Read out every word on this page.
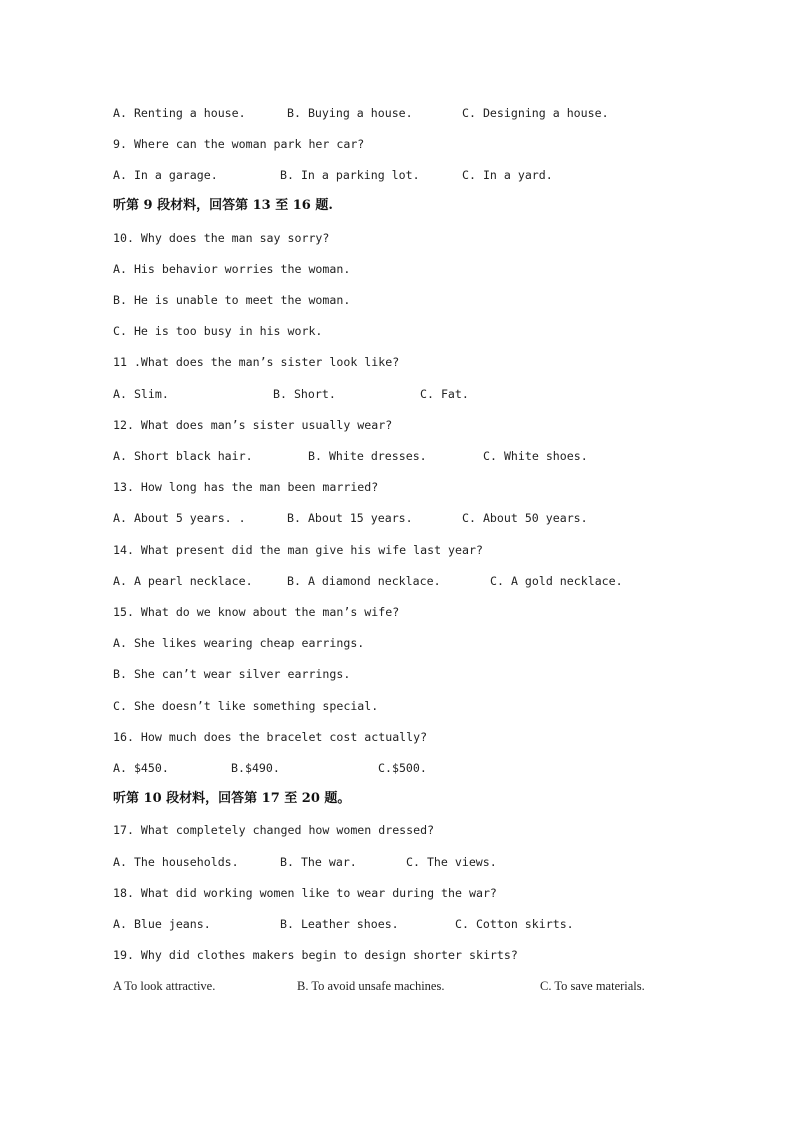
A. Renting a house.	B. Buying a house.	C. Designing a house.
9. Where can the woman park her car?
A. In a garage.	B. In a parking lot.	C. In a yard.
听第 9 段材料，回答第 13 至 16 题.
10. Why does the man say sorry?
A. His behavior worries the woman.
B. He is unable to meet the woman.
C. He is too busy in his work.
11 .What does the man’s sister look like?
A. Slim.	B. Short.	C. Fat.
12. What does man’s sister usually wear?
A. Short black hair.	B. White dresses.	C. White shoes.
13. How long has the man been married?
A. About 5 years. .	B. About 15 years.	C. About 50 years.
14. What present did the man give his wife last year?
A. A pearl necklace.	B. A diamond necklace.	C. A gold necklace.
15. What do we know about the man’s wife?
A. She likes wearing cheap earrings.
B. She can’t wear silver earrings.
C. She doesn’t like something special.
16. How much does the bracelet cost actually?
A. $450.	B.$490.	C.$500.
听第 10 段材料，回答第 17 至 20 题。
17. What completely changed how women dressed?
A. The households.	B. The war.	C. The views.
18. What did working women like to wear during the war?
A. Blue jeans.	B. Leather shoes.	C. Cotton skirts.
19. Why did clothes makers begin to design shorter skirts?
A To look attractive.	B. To avoid unsafe machines.	C. To save materials.
